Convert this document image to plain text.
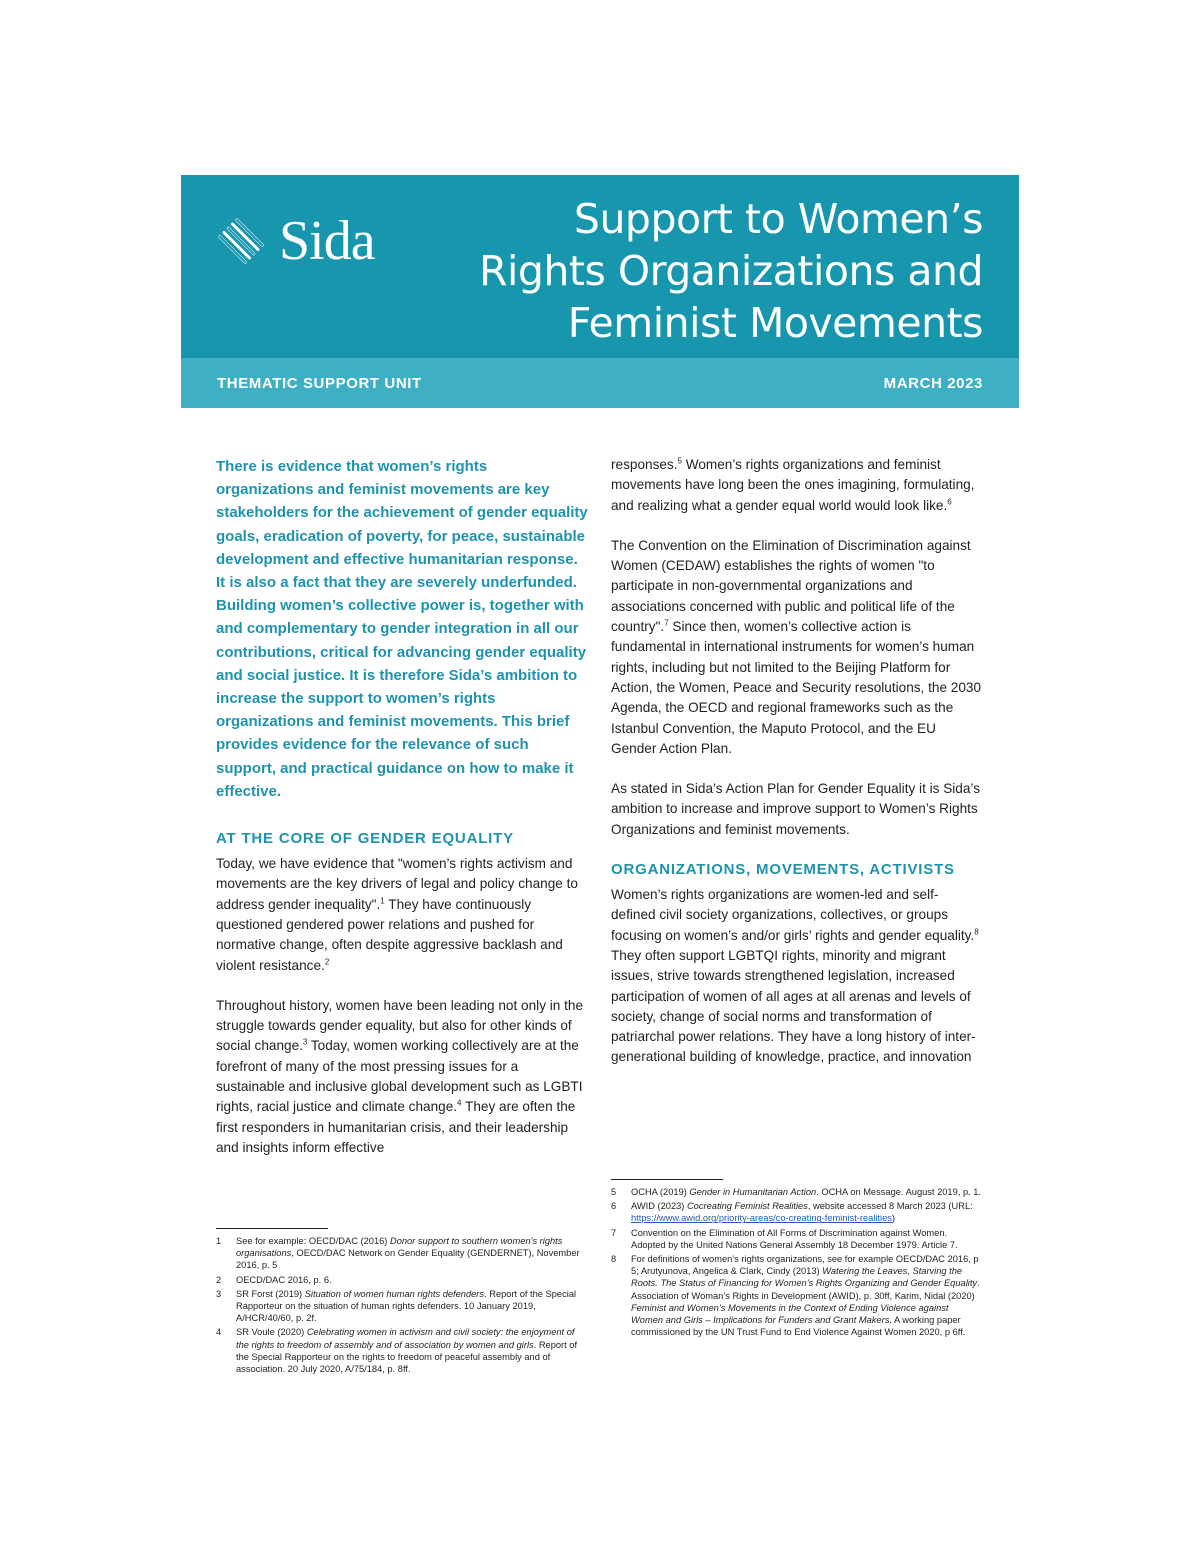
Sida	Support to Women’s Rights Organizations and Feminist Movements
THEMATIC SUPPORT UNIT	MARCH 2023

There is evidence that women’s rights organizations and feminist movements are key stakeholders for the achievement of gender equality goals, eradication of poverty, for peace, sustainable development and effective humanitarian response. It is also a fact that they are severely underfunded. Building women’s collective power is, together with and complementary to gender integration in all our contributions, critical for advancing gender equality and social justice. It is therefore Sida’s ambition to increase the support to women’s rights organizations and feminist movements. This brief provides evidence for the relevance of such support, and practical guidance on how to make it effective.

AT THE CORE OF GENDER EQUALITY

Today, we have evidence that "women’s rights activism and movements are the key drivers of legal and policy change to address gender inequality".$^1$ They have continuously questioned gendered power relations and pushed for normative change, often despite aggressive backlash and violent resistance.$^2$

Throughout history, women have been leading not only in the struggle towards gender equality, but also for other kinds of social change.$^3$ Today, women working collectively are at the forefront of many of the most pressing issues for a sustainable and inclusive global development such as LGBTI rights, racial justice and climate change.$^4$ They are often the first responders in humanitarian crisis, and their leadership and insights inform effective

1 See for example: OECD/DAC (2016) Donor support to southern women’s rights organisations, OECD/DAC Network on Gender Equality (GENDERNET), November 2016, p. 5
2 OECD/DAC 2016, p. 6.
3 SR Forst (2019) Situation of women human rights defenders. Report of the Special Rapporteur on the situation of human rights defenders. 10 January 2019, A/HCR/40/60, p. 2f.
4 SR Voule (2020) Celebrating women in activism and civil society: the enjoyment of the rights to freedom of assembly and of association by women and girls. Report of the Special Rapporteur on the rights to freedom of peaceful assembly and of association. 20 July 2020, A/75/184, p. 8ff.

responses.$^5$ Women’s rights organizations and feminist movements have long been the ones imagining, formulating, and realizing what a gender equal world would look like.$^6$

The Convention on the Elimination of Discrimination against Women (CEDAW) establishes the rights of women "to participate in non-governmental organizations and associations concerned with public and political life of the country".$^7$ Since then, women’s collective action is fundamental in international instruments for women’s human rights, including but not limited to the Beijing Platform for Action, the Women, Peace and Security resolutions, the 2030 Agenda, the OECD and regional frameworks such as the Istanbul Convention, the Maputo Protocol, and the EU Gender Action Plan.

As stated in Sida’s Action Plan for Gender Equality it is Sida’s ambition to increase and improve support to Women’s Rights Organizations and feminist movements.

ORGANIZATIONS, MOVEMENTS, ACTIVISTS

Women’s rights organizations are women-led and self-defined civil society organizations, collectives, or groups focusing on women’s and/or girls’ rights and gender equality.$^8$ They often support LGBTQI rights, minority and migrant issues, strive towards strengthened legislation, increased participation of women of all ages at all arenas and levels of society, change of social norms and transformation of patriarchal power relations. They have a long history of inter-generational building of knowledge, practice, and innovation

5 OCHA (2019) Gender in Humanitarian Action. OCHA on Message. August 2019, p. 1.
6 AWID (2023) Cocreating Feminist Realities, website accessed 8 March 2023 (URL: https://www.awid.org/priority-areas/co-creating-feminist-realities)
7 Convention on the Elimination of All Forms of Discrimination against Women. Adopted by the United Nations General Assembly 18 December 1979. Article 7.
8 For definitions of women’s rights organizations, see for example OECD/DAC 2016, p 5; Arutyunova, Angelica & Clark, Cindy (2013) Watering the Leaves, Starving the Roots. The Status of Financing for Women’s Rights Organizing and Gender Equality. Association of Woman’s Rights in Development (AWID), p. 30ff, Karim, Nidal (2020) Feminist and Women’s Movements in the Context of Ending Violence against Women and Girls – Implications for Funders and Grant Makers. A working paper commissioned by the UN Trust Fund to End Violence Against Women 2020, p 6ff.
